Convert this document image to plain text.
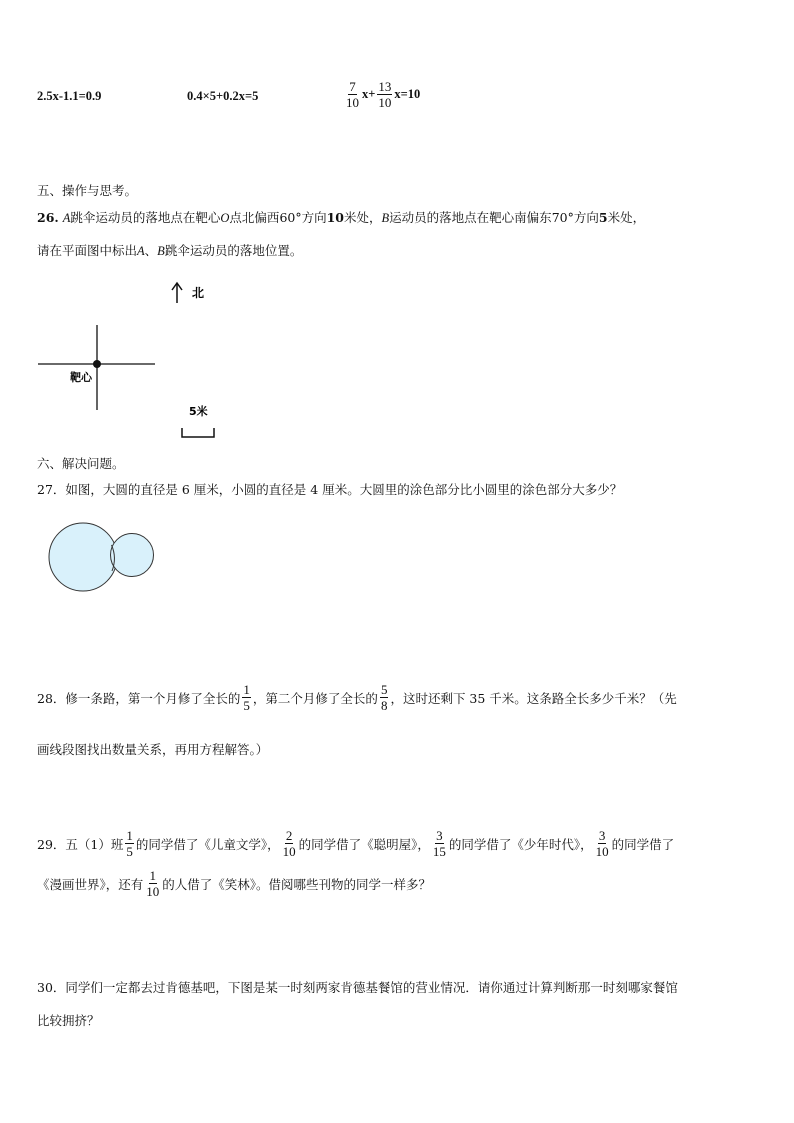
2.5x-1.1=0.9	0.4×5+0.2x=5	$\frac{7}{10} x+ \frac{13}{10} x=10$
五、操作与思考。
26. A跳伞运动员的落地点在靶心O点北偏西60°方向10米处，B运动员的落地点在靶心南偏东70°方向5米处，
请在平面图中标出A、B跳伞运动员的落地位置。
北
靶心
5米
六、解决问题。
27．如图，大圆的直径是 6 厘米，小圆的直径是 4 厘米。大圆里的涂色部分比小圆里的涂色部分大多少？
28．修一条路，第一个月修了全长的 $\frac{1}{5}$ ，第二个月修了全长的 $\frac{5}{8}$ ，这时还剩下 35 千米。这条路全长多少千米？（先
画线段图找出数量关系，再用方程解答。）
29．五（1）班 $\frac{1}{5}$ 的同学借了《儿童文学》， $\frac{2}{10}$ 的同学借了《聪明屋》， $\frac{3}{15}$ 的同学借了《少年时代》， $\frac{3}{10}$ 的同学借了
《漫画世界》，还有 $\frac{1}{10}$ 的人借了《笑林》。借阅哪些刊物的同学一样多？
30．同学们一定都去过肯德基吧，下图是某一时刻两家肯德基餐馆的营业情况．请你通过计算判断那一时刻哪家餐馆
比较拥挤？
